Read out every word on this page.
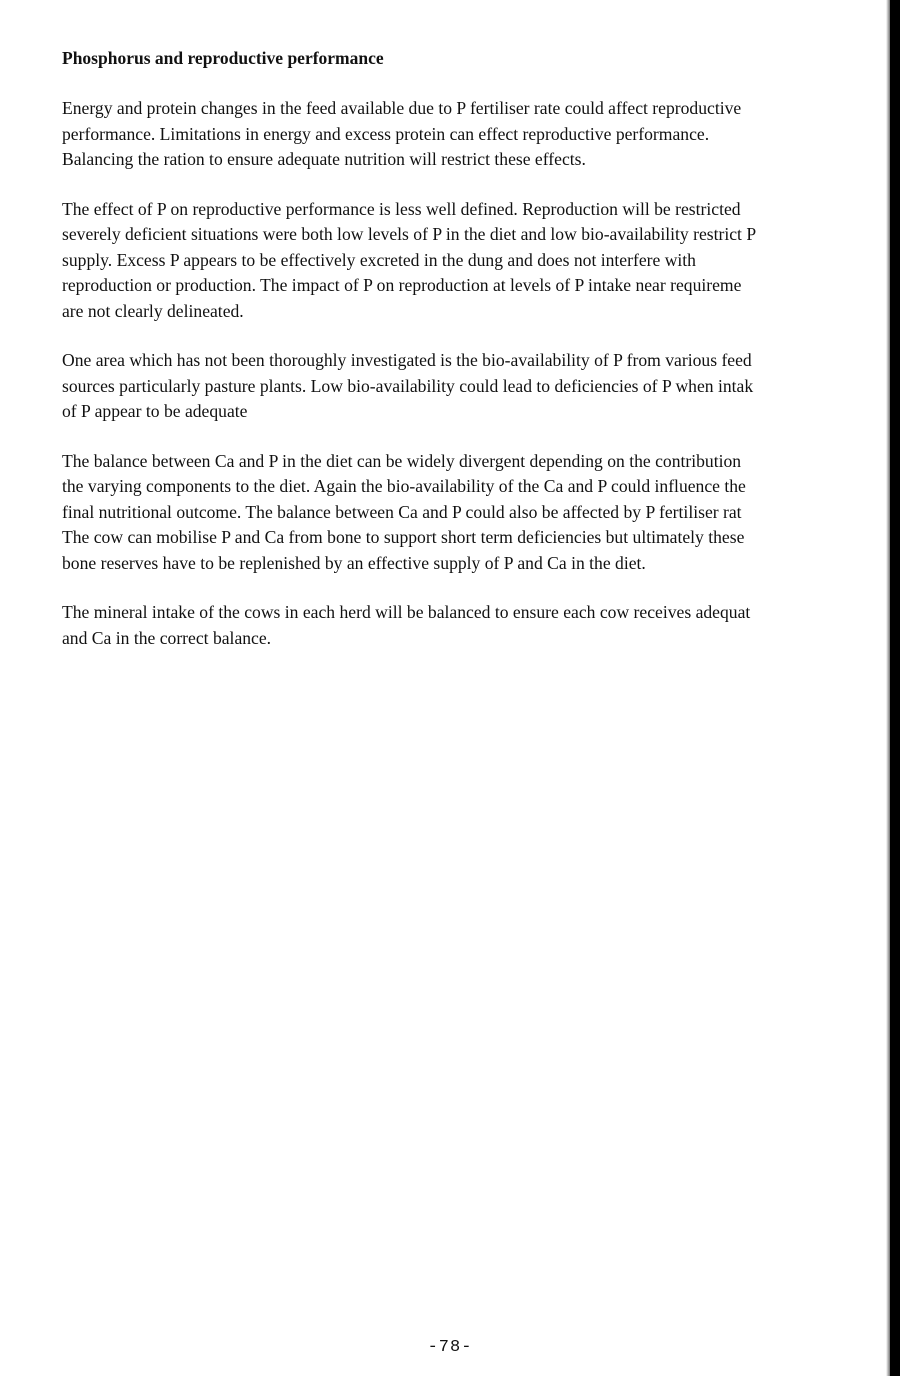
Phosphorus and reproductive performance
Energy and protein changes in the feed available due to P fertiliser rate could affect reproductive
performance. Limitations in energy and excess protein can effect reproductive performance.
Balancing the ration to ensure adequate nutrition will restrict these effects.
The effect of P on reproductive performance is less well defined. Reproduction will be restricted
severely deficient situations were both low levels of P in the diet and low bio-availability restrict P
supply. Excess P appears to be effectively excreted in the dung and does not interfere with
reproduction or production. The impact of P on reproduction at levels of P intake near requireme
are not clearly delineated.
One area which has not been thoroughly investigated is the bio-availability of P from various feed
sources particularly pasture plants. Low bio-availability could lead to deficiencies of P when intak
of P appear to be adequate
The balance between Ca and P in the diet can be widely divergent depending on the contribution
the varying components to the diet. Again the bio-availability of the Ca and P could influence the
final nutritional outcome. The balance between Ca and P could also be affected by P fertiliser rat
The cow can mobilise P and Ca from bone to support short term deficiencies but ultimately these
bone reserves have to be replenished by an effective supply of P and Ca in the diet.
The mineral intake of the cows in each herd will be balanced to ensure each cow receives adequat
and Ca in the correct balance.
-78-
